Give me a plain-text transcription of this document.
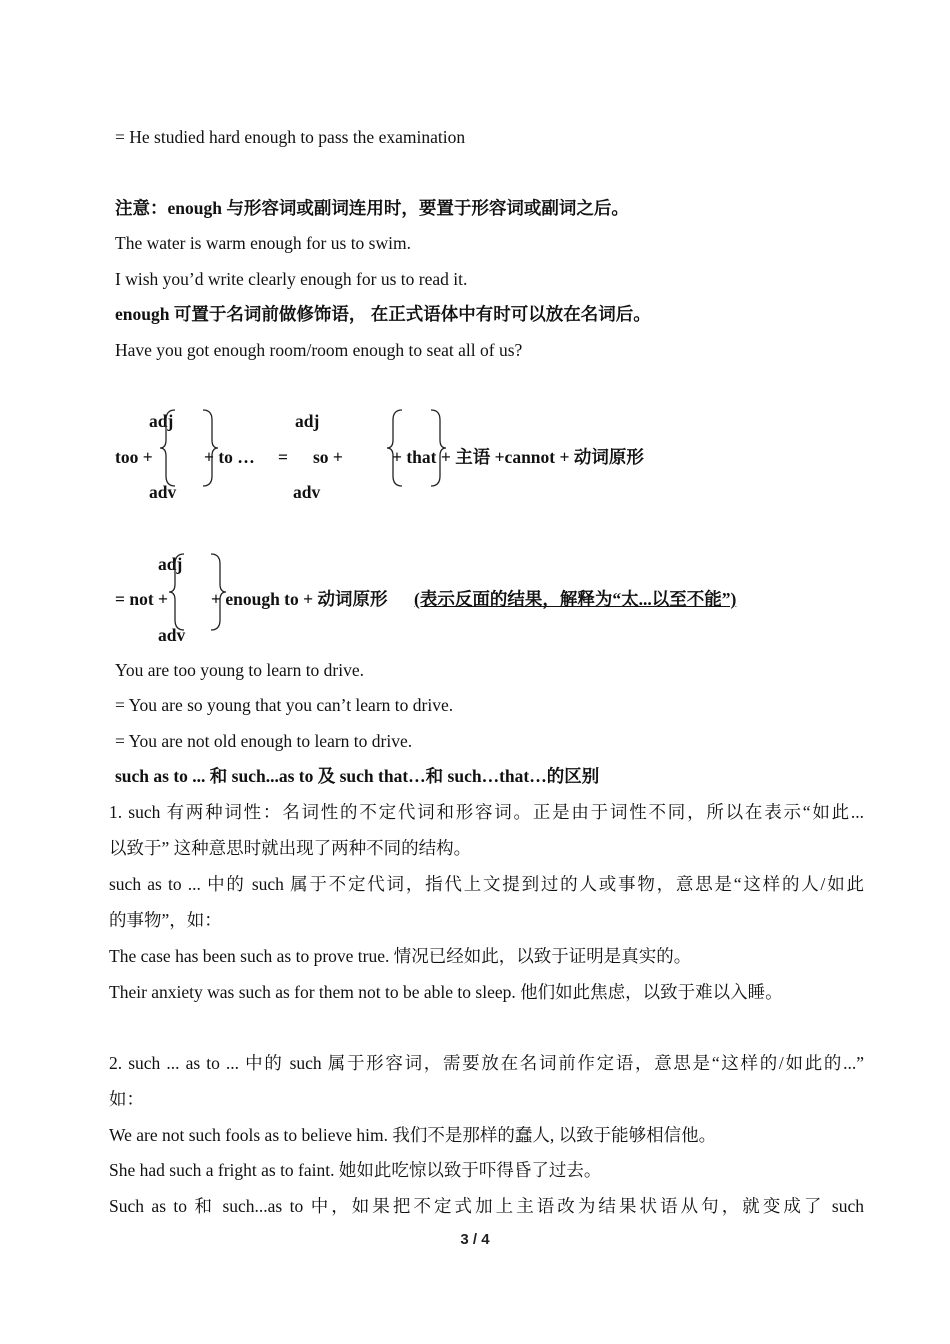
= He studied hard enough to pass the examination
注意：enough 与形容词或副词连用时，要置于形容词或副词之后。
The water is warm enough for us to swim.
I wish you’d write clearly enough for us to read it.
enough 可置于名词前做修饰语， 在正式语体中有时可以放在名词后。
Have you got enough room/room enough to seat all of us?
adj
too +
adv
+ to … =
adj
so +
adv
+ that + 主语 +cannot + 动词原形
adj
= not +
adv
+ enough to + 动词原形 (表示反面的结果，解释为“太...以至不能”)
You are too young to learn to drive.
= You are so young that you can’t learn to drive.
= You are not old enough to learn to drive.
such as to ... 和 such...as to 及 such that…和 such…that…的区别
1. such 有两种词性：名词性的不定代词和形容词。正是由于词性不同，所以在表示“如此...
以致于” 这种意思时就出现了两种不同的结构。
such as to ... 中的 such 属于不定代词，指代上文提到过的人或事物，意思是“这样的人/如此
的事物”，如：
The case has been such as to prove true. 情况已经如此，以致于证明是真实的。
Their anxiety was such as for them not to be able to sleep. 他们如此焦虑，以致于难以入睡。
2. such ... as to ... 中的 such 属于形容词，需要放在名词前作定语，意思是“这样的/如此的...”
如：
We are not such fools as to believe him. 我们不是那样的蠢人, 以致于能够相信他。
She had such a fright as to faint. 她如此吃惊以致于吓得昏了过去。
Such as to 和 such...as to 中，如果把不定式加上主语改为结果状语从句，就变成了 such
3 / 4
